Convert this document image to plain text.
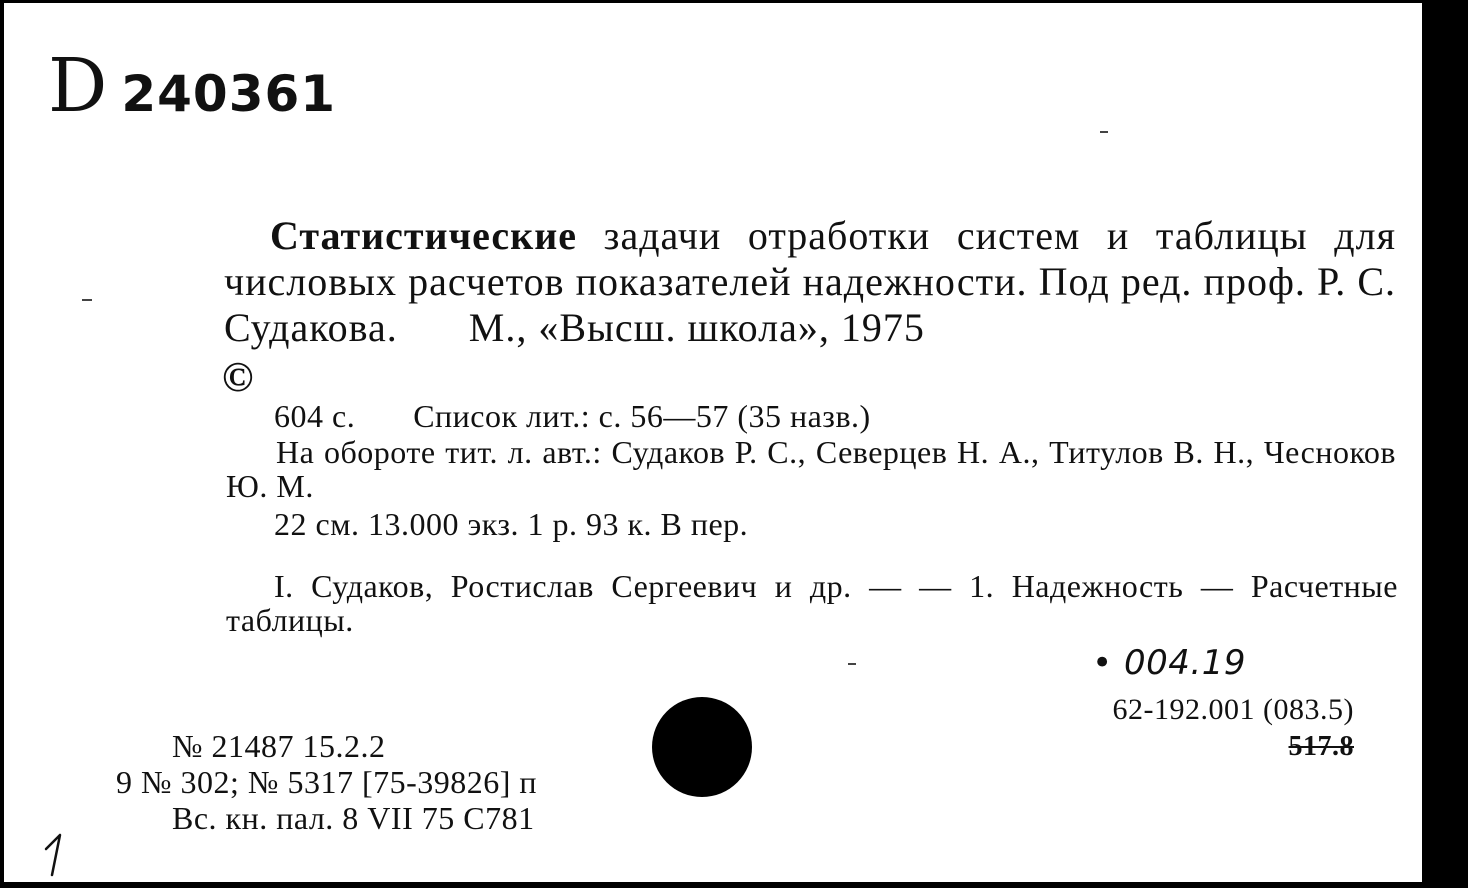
D 240361
Статистические задачи отработки систем и таблицы для числовых расчетов показателей надежности. Под ред. проф. Р. С. Судакова. М., «Высш. школа», 1975
©
604 с. Список лит.: с. 56—57 (35 назв.)
На обороте тит. л. авт.: Судаков Р. С., Северцев Н. А., Титулов В. Н., Чесноков Ю. М.
22 см. 13.000 экз. 1 р. 93 к. В пер.
I. Судаков, Ростислав Сергеевич и др. — — 1. Надежность — Расчетные таблицы.
• 004.19
62-192.001 (083.5)
517.8
№ 21487 15.2.2
9 № 302; № 5317 [75-39826] п
Вс. кн. пал. 8 VII 75 С781
